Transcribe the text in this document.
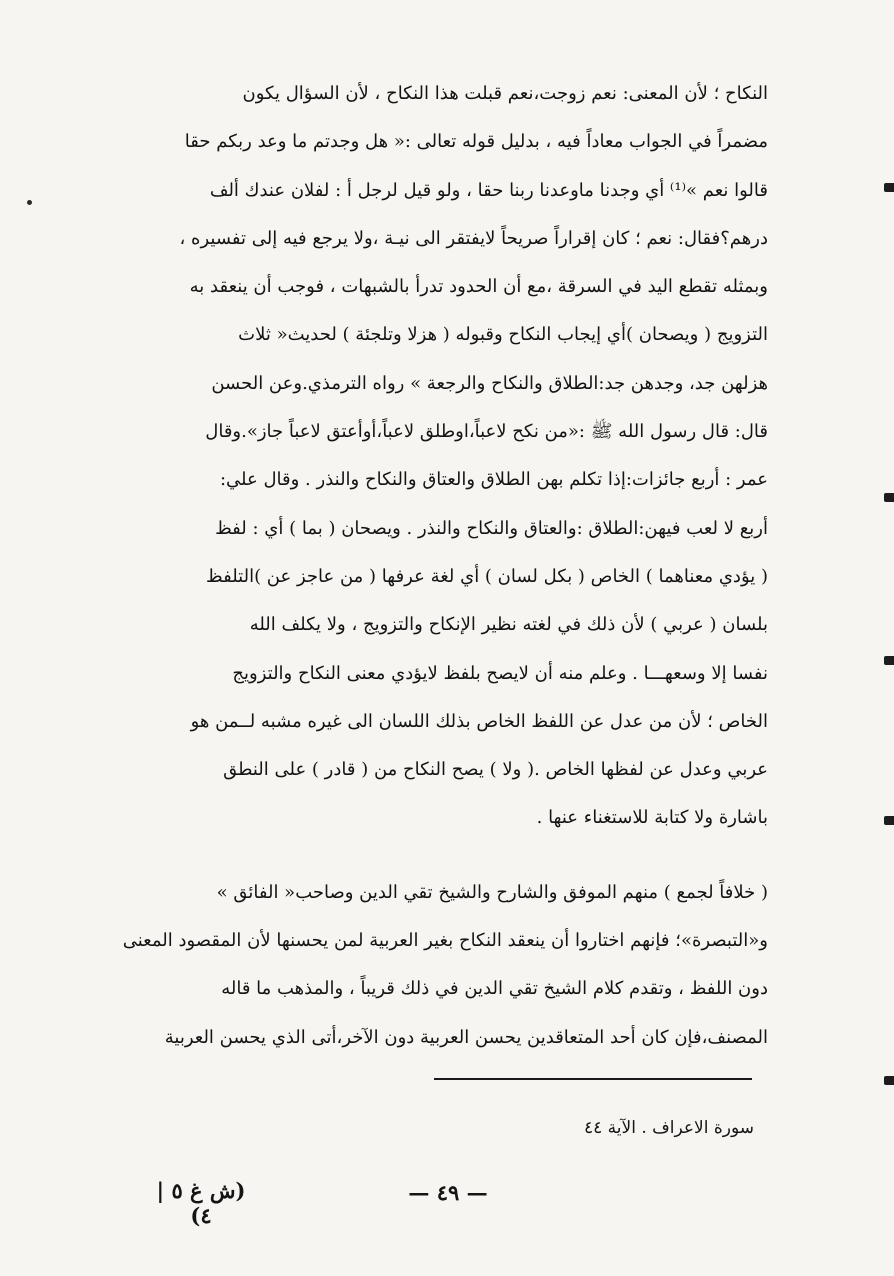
النكاح ؛ لأن المعنى: نعم زوجت،نعم قبلت هذا النكاح ، لأن السؤال يكون
مضمراً في الجواب معاداً فيه ، بدليل قوله تعالى :« هل وجدتم ما وعد ربكم حقا
قالوا نعم »⁽¹⁾ أي وجدنا ماوعدنا ربنا حقا ، ولو قيل لرجل أ : لفلان عندك ألف
درهم؟فقال: نعم ؛ كان إقراراً صريحاً لايفتقر الى نيـة ،ولا يرجع فيه إلى تفسيره ،
وبمثله تقطع اليد في السرقة ،مع أن الحدود تدرأ بالشبهات ، فوجب أن ينعقد به
التزويج ( ويصحان )أي إيجاب النكاح وقبوله ( هزلا وتلجئة ) لحديث« ثلاث
هزلهن جد، وجدهن جد:الطلاق والنكاح والرجعة » رواه الترمذي.وعن الحسن
قال: قال رسول الله ﷺ :«من نكح لاعباً،اوطلق لاعباً،أوأعتق لاعباً جاز».وقال
عمر : أربع جائزات:إذا تكلم بهن الطلاق والعتاق والنكاح والنذر . وقال علي:
أربع لا لعب فيهن:الطلاق :والعتاق والنكاح والنذر . ويصحان ( بما ) أي : لفظ
( يؤدي معناهما ) الخاص ( بكل لسان ) أي لغة عرفها ( من عاجز عن )التلفظ
بلسان ( عربي ) لأن ذلك في لغته نظير الإنكاح والتزويج ، ولا يكلف الله
نفسا إلا وسعهـــا . وعلم منه أن لايصح بلفظ لايؤدي معنى النكاح والتزويج
الخاص ؛ لأن من عدل عن اللفظ الخاص بذلك اللسان الى غيره مشبه لــمن هو
عربي وعدل عن لفظها الخاص .( ولا ) يصح النكاح من ( قادر ) على النطق
باشارة ولا كتابة للاستغناء عنها .
( خلافاً لجمع ) منهم الموفق والشارح والشيخ تقي الدين وصاحب« الفائق »
و«التبصرة»؛ فإنهم اختاروا أن ينعقد النكاح بغير العربية لمن يحسنها لأن المقصود المعنى
دون اللفظ ، وتقدم كلام الشيخ تقي الدين في ذلك قريباً ، والمذهب ما قاله
المصنف،فإن كان أحد المتعاقدين يحسن العربية دون الآخر،أتى الذي يحسن العربية
سورة الاعراف . الآية ٤٤
— ٤٩ —
(ش غ ٥ | ٤)
